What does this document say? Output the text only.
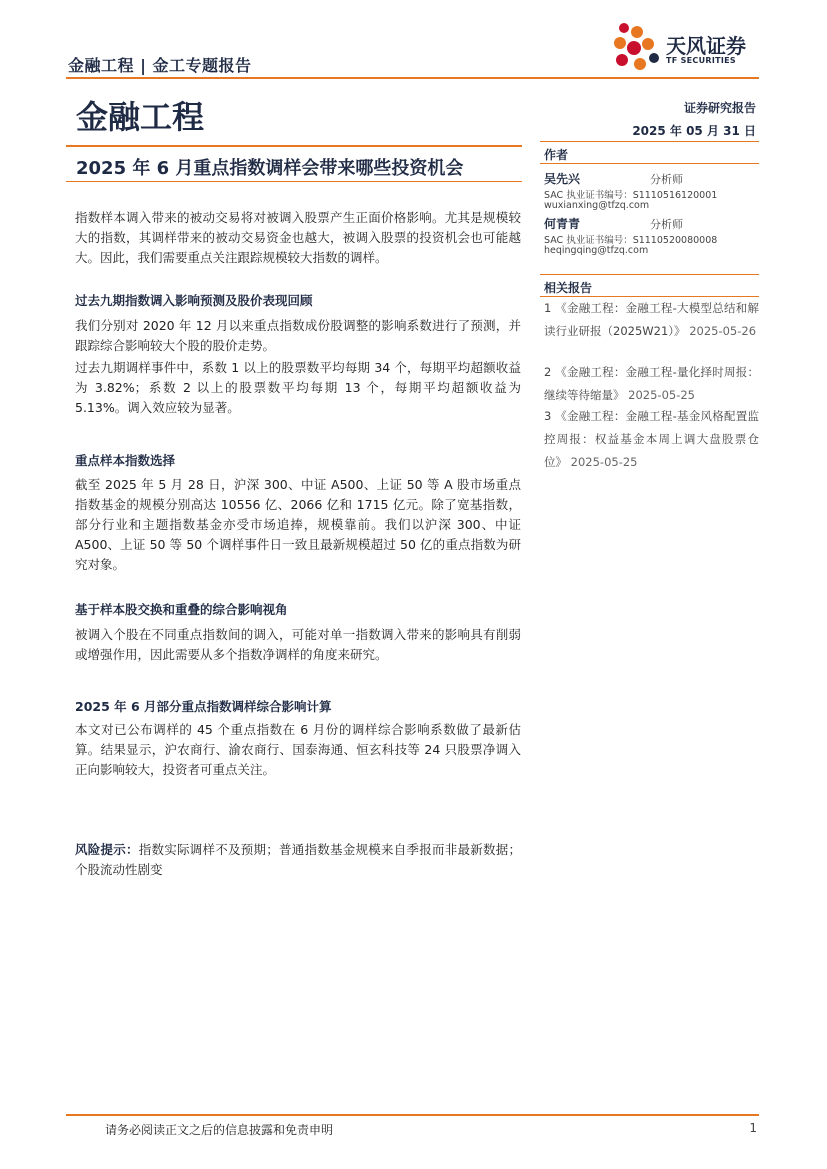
金融工程 | 金工专题报告
天风证券
TF SECURITIES
金融工程	证券研究报告
2025 年 05 月 31 日
2025 年 6 月重点指数调样会带来哪些投资机会
作者
吴先兴	分析师
SAC 执业证书编号：S1110516120001
wuxianxing@tfzq.com
何青青	分析师
SAC 执业证书编号：S1110520080008
heqingqing@tfzq.com
相关报告
1 《金融工程：金融工程-大模型总结和解读行业研报（2025W21）》 2025-05-26
2 《金融工程：金融工程-量化择时周报：继续等待缩量》 2025-05-25
3 《金融工程：金融工程-基金风格配置监控周报：权益基金本周上调大盘股票仓位》 2025-05-25
指数样本调入带来的被动交易将对被调入股票产生正面价格影响。尤其是规模较大的指数，其调样带来的被动交易资金也越大，被调入股票的投资机会也可能越大。因此，我们需要重点关注跟踪规模较大指数的调样。
过去九期指数调入影响预测及股价表现回顾
我们分别对 2020 年 12 月以来重点指数成份股调整的影响系数进行了预测，并跟踪综合影响较大个股的股价走势。
过去九期调样事件中，系数 1 以上的股票数平均每期 34 个，每期平均超额收益为 3.82%；系数 2 以上的股票数平均每期 13 个，每期平均超额收益为 5.13%。调入效应较为显著。
重点样本指数选择
截至 2025 年 5 月 28 日，沪深 300、中证 A500、上证 50 等 A 股市场重点指数基金的规模分别高达 10556 亿、2066 亿和 1715 亿元。除了宽基指数，部分行业和主题指数基金亦受市场追捧，规模靠前。我们以沪深 300、中证 A500、上证 50 等 50 个调样事件日一致且最新规模超过 50 亿的重点指数为研究对象。
基于样本股交换和重叠的综合影响视角
被调入个股在不同重点指数间的调入，可能对单一指数调入带来的影响具有削弱或增强作用，因此需要从多个指数净调样的角度来研究。
2025 年 6 月部分重点指数调样综合影响计算
本文对已公布调样的 45 个重点指数在 6 月份的调样综合影响系数做了最新估算。结果显示，沪农商行、渝农商行、国泰海通、恒玄科技等 24 只股票净调入正向影响较大，投资者可重点关注。
风险提示：指数实际调样不及预期；普通指数基金规模来自季报而非最新数据；个股流动性剧变
请务必阅读正文之后的信息披露和免责申明	1
